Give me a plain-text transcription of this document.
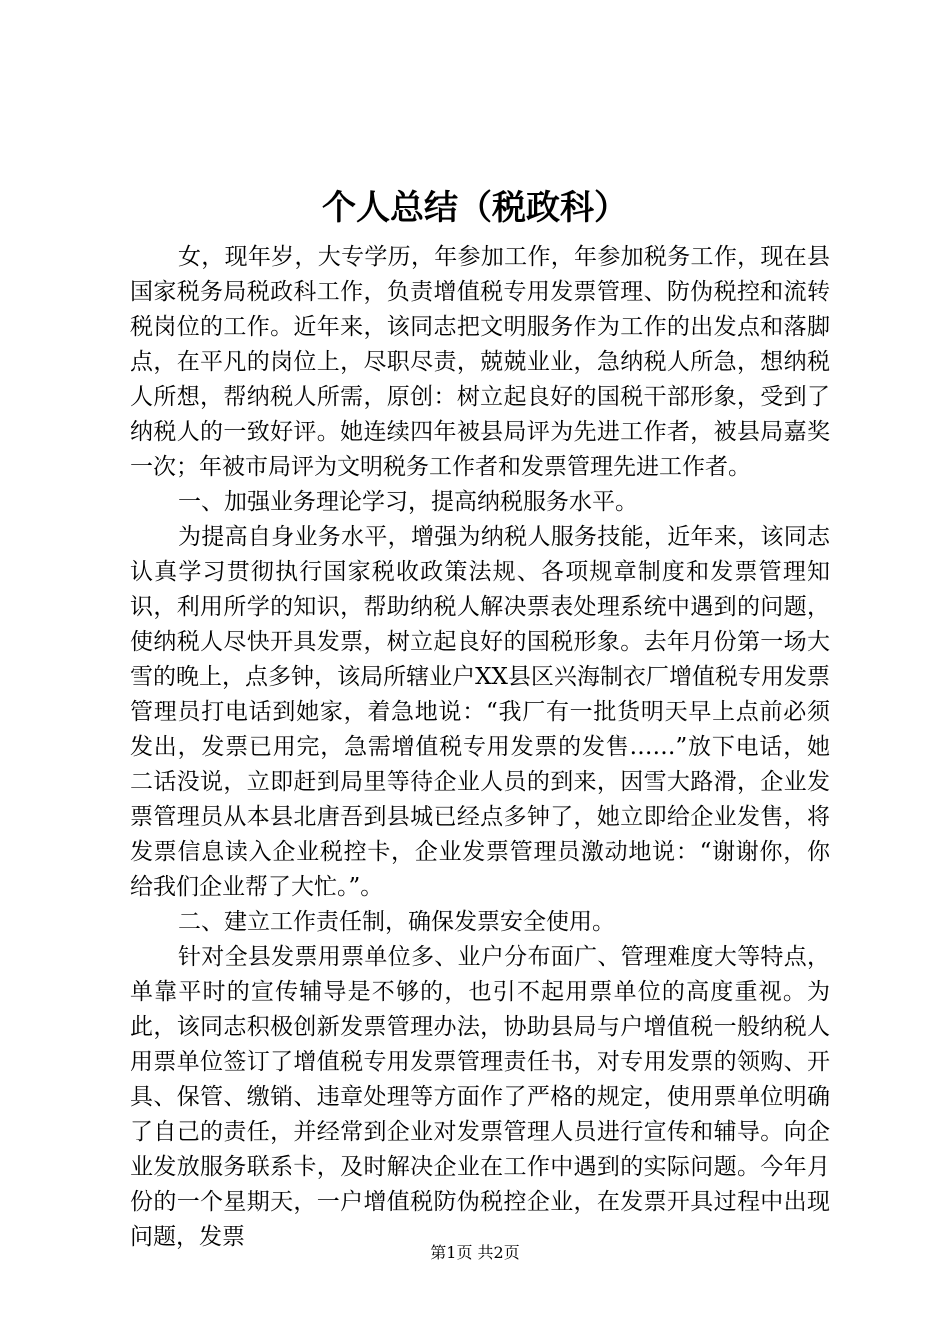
个人总结（税政科）

女，现年岁，大专学历，年参加工作，年参加税务工作，现在县国家税务局税政科工作，负责增值税专用发票管理、防伪税控和流转税岗位的工作。近年来，该同志把文明服务作为工作的出发点和落脚点，在平凡的岗位上，尽职尽责，兢兢业业，急纳税人所急，想纳税人所想，帮纳税人所需，原创：树立起良好的国税干部形象，受到了纳税人的一致好评。她连续四年被县局评为先进工作者，被县局嘉奖一次；年被市局评为文明税务工作者和发票管理先进工作者。

一、加强业务理论学习，提高纳税服务水平。

为提高自身业务水平，增强为纳税人服务技能，近年来，该同志认真学习贯彻执行国家税收政策法规、各项规章制度和发票管理知识，利用所学的知识，帮助纳税人解决票表处理系统中遇到的问题，使纳税人尽快开具发票，树立起良好的国税形象。去年月份第一场大雪的晚上，点多钟，该局所辖业户XX县区兴海制衣厂增值税专用发票管理员打电话到她家，着急地说：“我厂有一批货明天早上点前必须发出，发票已用完，急需增值税专用发票的发售……”放下电话，她二话没说，立即赶到局里等待企业人员的到来，因雪大路滑，企业发票管理员从本县北唐吾到县城已经点多钟了，她立即给企业发售，将发票信息读入企业税控卡，企业发票管理员激动地说：“谢谢你，你给我们企业帮了大忙。”。

二、建立工作责任制，确保发票安全使用。

针对全县发票用票单位多、业户分布面广、管理难度大等特点，单靠平时的宣传辅导是不够的，也引不起用票单位的高度重视。为此，该同志积极创新发票管理办法，协助县局与户增值税一般纳税人用票单位签订了增值税专用发票管理责任书，对专用发票的领购、开具、保管、缴销、违章处理等方面作了严格的规定，使用票单位明确了自己的责任，并经常到企业对发票管理人员进行宣传和辅导。向企业发放服务联系卡，及时解决企业在工作中遇到的实际问题。今年月份的一个星期天，一户增值税防伪税控企业，在发票开具过程中出现问题，发票

第1页 共2页
